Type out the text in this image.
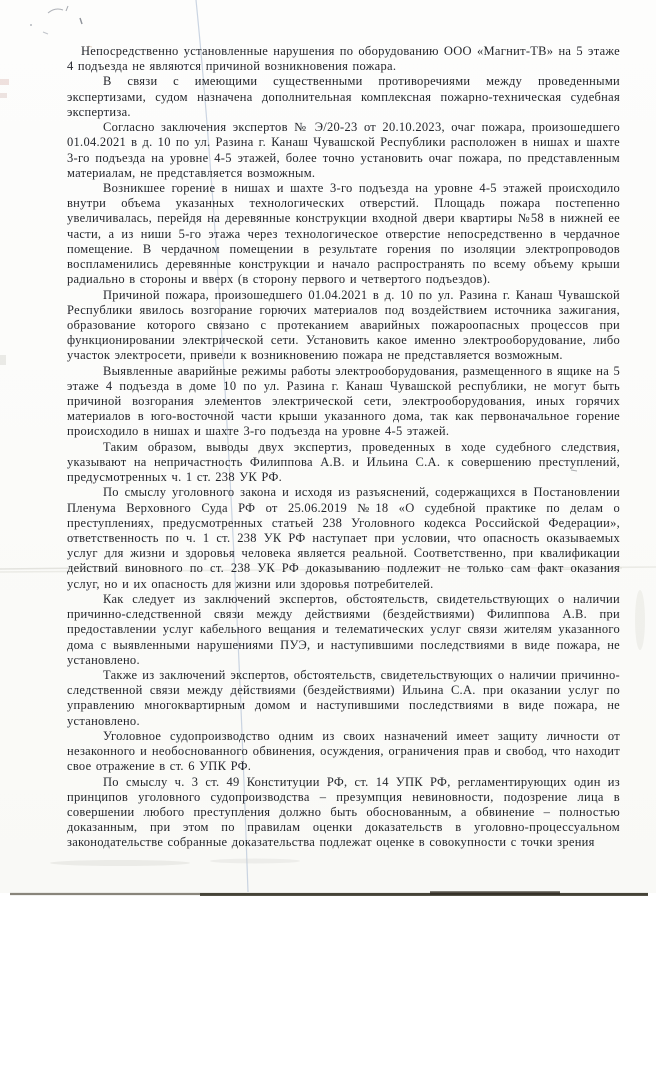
Непосредственно установленные нарушения по оборудованию ООО «Магнит-ТВ» на 5 этаже 4 подъезда не являются причиной возникновения пожара.

В связи с имеющими существенными противоречиями между проведенными экспертизами, судом назначена дополнительная комплексная пожарно-техническая судебная экспертиза.

Согласно заключения экспертов № Э/20-23 от 20.10.2023, очаг пожара, произошедшего 01.04.2021 в д. 10 по ул. Разина г. Канаш Чувашской Республики расположен в нишах и шахте 3-го подъезда на уровне 4-5 этажей, более точно установить очаг пожара, по представленным материалам, не представляется возможным.

Возникшее горение в нишах и шахте 3-го подъезда на уровне 4-5 этажей происходило внутри объема указанных технологических отверстий. Площадь пожара постепенно увеличивалась, перейдя на деревянные конструкции входной двери квартиры №58 в нижней ее части, а из ниши 5-го этажа через технологическое отверстие непосредственно в чердачное помещение. В чердачном помещении в результате горения по изоляции электропроводов воспламенились деревянные конструкции и начало распространять по всему объему крыши радиально в стороны и вверх (в сторону первого и четвертого подъездов).

Причиной пожара, произошедшего 01.04.2021 в д. 10 по ул. Разина г. Канаш Чувашской Республики явилось возгорание горючих материалов под воздействием источника зажигания, образование которого связано с протеканием аварийных пожароопасных процессов при функционировании электрической сети. Установить какое именно электрооборудование, либо участок электросети, привели к возникновению пожара не представляется возможным.

Выявленные аварийные режимы работы электрооборудования, размещенного в ящике на 5 этаже 4 подъезда в доме 10 по ул. Разина г. Канаш Чувашской республики, не могут быть причиной возгорания элементов электрической сети, электрооборудования, иных горячих материалов в юго-восточной части крыши указанного дома, так как первоначальное горение происходило в нишах и шахте 3-го подъезда на уровне 4-5 этажей.

Таким образом, выводы двух экспертиз, проведенных в ходе судебного следствия, указывают на непричастность Филиппова А.В. и Ильина С.А. к совершению преступлений, предусмотренных ч. 1 ст. 238 УК РФ.

По смыслу уголовного закона и исходя из разъяснений, содержащихся в Постановлении Пленума Верховного Суда РФ от 25.06.2019 №18 «О судебной практике по делам о преступлениях, предусмотренных статьей 238 Уголовного кодекса Российской Федерации», ответственность по ч. 1 ст. 238 УК РФ наступает при условии, что опасность оказываемых услуг для жизни и здоровья человека является реальной. Соответственно, при квалификации действий виновного по ст. 238 УК РФ доказыванию подлежит не только сам факт оказания услуг, но и их опасность для жизни или здоровья потребителей.

Как следует из заключений экспертов, обстоятельств, свидетельствующих о наличии причинно-следственной связи между действиями (бездействиями) Филиппова А.В. при предоставлении услуг кабельного вещания и телематических услуг связи жителям указанного дома с выявленными нарушениями ПУЭ, и наступившими последствиями в виде пожара, не установлено.

Также из заключений экспертов, обстоятельств, свидетельствующих о наличии причинно-следственной связи между действиями (бездействиями) Ильина С.А. при оказании услуг по управлению многоквартирным домом и наступившими последствиями в виде пожара, не установлено.

Уголовное судопроизводство одним из своих назначений имеет защиту личности от незаконного и необоснованного обвинения, осуждения, ограничения прав и свобод, что находит свое отражение в ст. 6 УПК РФ.

По смыслу ч. 3 ст. 49 Конституции РФ, ст. 14 УПК РФ, регламентирующих один из принципов уголовного судопроизводства – презумпция невиновности, подозрение лица в совершении любого преступления должно быть обоснованным, а обвинение – полностью доказанным, при этом по правилам оценки доказательств в уголовно-процессуальном законодательстве собранные доказательства подлежат оценке в совокупности с точки зрения
